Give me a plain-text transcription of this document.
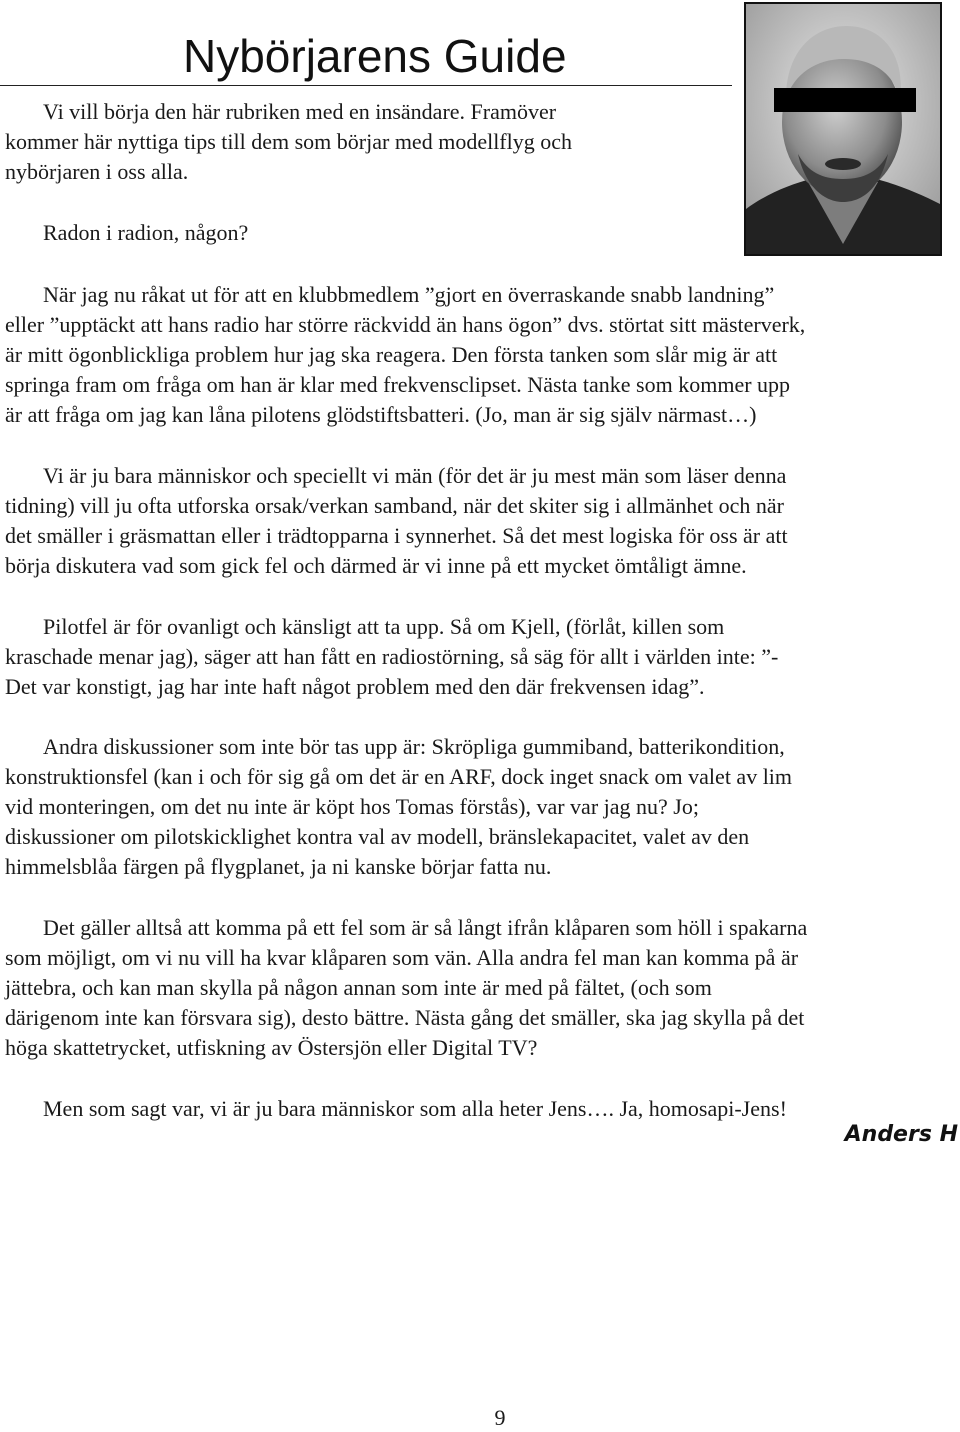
Nybörjarens Guide
Vi vill börja den här rubriken med en insändare. Framöver
kommer här nyttiga tips till dem som börjar med modellflyg och
nybörjaren i oss alla.
Radon i radion, någon?
När jag nu råkat ut för att en klubbmedlem ”gjort en överraskande snabb landning”
eller ”upptäckt att hans radio har större räckvidd än hans ögon” dvs. störtat sitt mästerverk,
är mitt ögonblickliga problem hur jag ska reagera. Den första tanken som slår mig är att
springa fram om fråga om han är klar med frekvensclipset. Nästa tanke som kommer upp
är att fråga om jag kan låna pilotens glödstiftsbatteri. (Jo, man är sig själv närmast…)
Vi är ju bara människor och speciellt vi män (för det är ju mest män som läser denna
tidning) vill ju ofta utforska orsak/verkan samband, när det skiter sig i allmänhet och när
det smäller i gräsmattan eller i trädtopparna i synnerhet. Så det mest logiska för oss är att
börja diskutera vad som gick fel och därmed är vi inne på ett mycket ömtåligt ämne.
Pilotfel är för ovanligt och känsligt att ta upp. Så om Kjell, (förlåt, killen som
kraschade menar jag), säger att han fått en radiostörning, så säg för allt i världen inte: ”-
Det var konstigt, jag har inte haft något problem med den där frekvensen idag”.
Andra diskussioner som inte bör tas upp är: Skröpliga gummiband, batterikondition,
konstruktionsfel (kan i och för sig gå om det är en ARF, dock inget snack om valet av lim
vid monteringen, om det nu inte är köpt hos Tomas förstås), var var jag nu? Jo;
diskussioner om pilotskicklighet kontra val av modell, bränslekapacitet, valet av den
himmelsblåa färgen på flygplanet, ja ni kanske börjar fatta nu.
Det gäller alltså att komma på ett fel som är så långt ifrån klåparen som höll i spakarna
som möjligt, om vi nu vill ha kvar klåparen som vän. Alla andra fel man kan komma på är
jättebra, och kan man skylla på någon annan som inte är med på fältet, (och som
därigenom inte kan försvara sig), desto bättre. Nästa gång det smäller, ska jag skylla på det
höga skattetrycket, utfiskning av Östersjön eller Digital TV?
Men som sagt var, vi är ju bara människor som alla heter Jens…. Ja, homosapi-Jens!
Anders H
9
